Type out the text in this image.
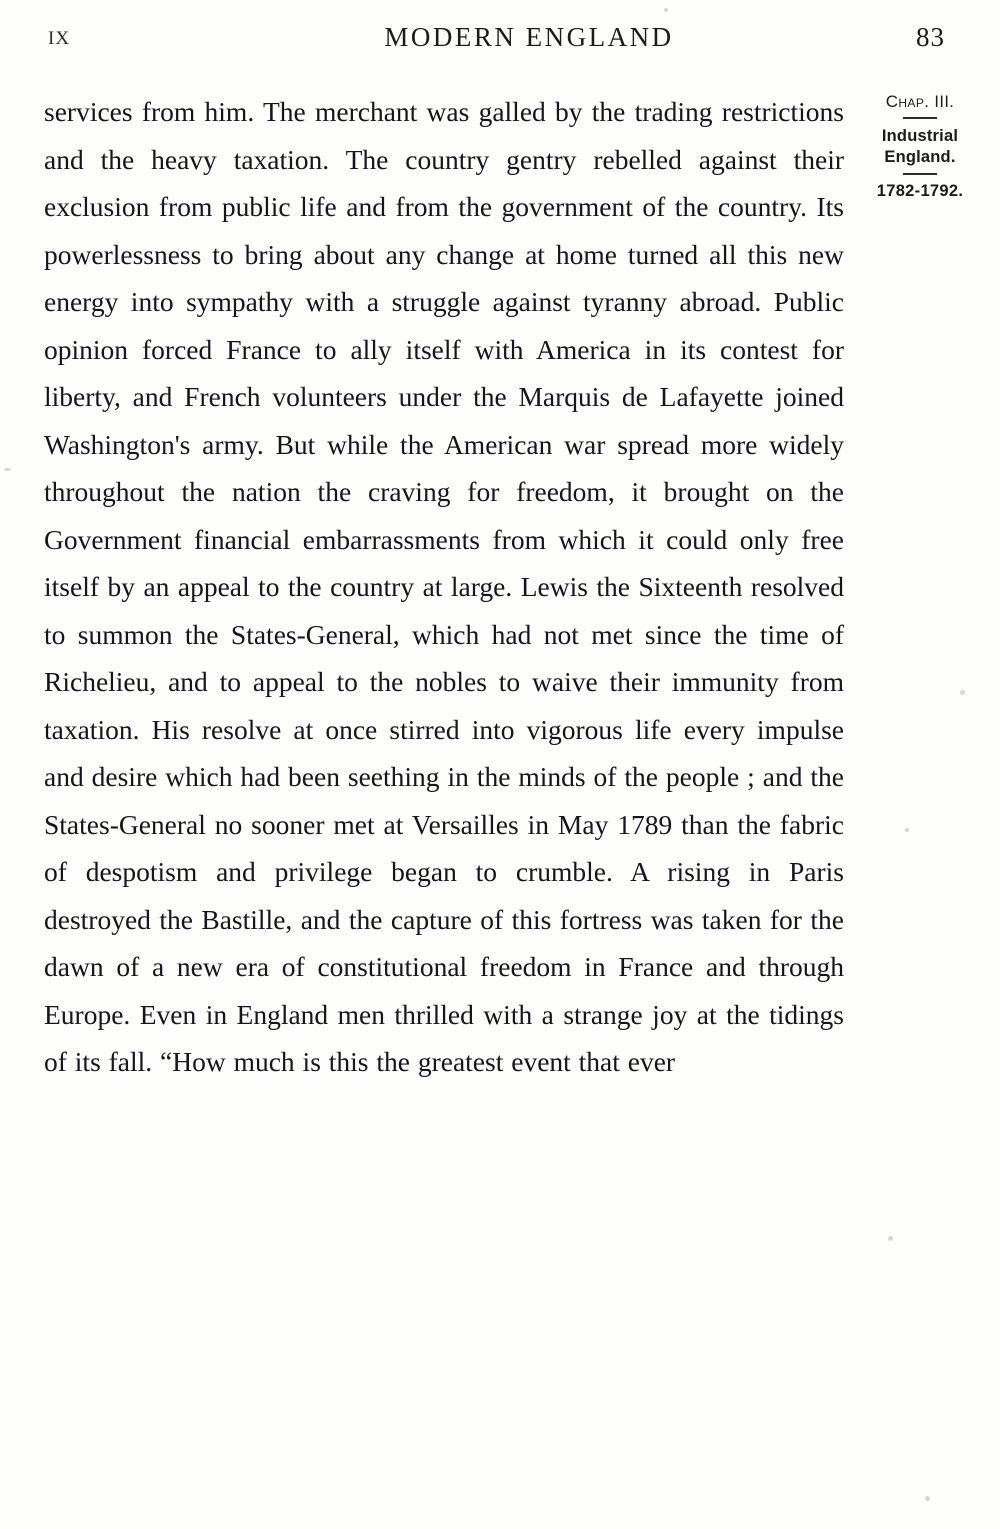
IX	MODERN ENGLAND	83

services from him. The merchant was galled by the trading restrictions and the heavy taxation. The country gentry rebelled against their exclusion from public life and from the government of the country. Its powerlessness to bring about any change at home turned all this new energy into sympathy with a struggle against tyranny abroad. Public opinion forced France to ally itself with America in its contest for liberty, and French volunteers under the Marquis de Lafayette joined Washington's army. But while the American war spread more widely throughout the nation the craving for freedom, it brought on the Government financial embarrassments from which it could only free itself by an appeal to the country at large. Lewis the Sixteenth resolved to summon the States-General, which had not met since the time of Richelieu, and to appeal to the nobles to waive their immunity from taxation. His resolve at once stirred into vigorous life every impulse and desire which had been seething in the minds of the people ; and the States-General no sooner met at Versailles in May 1789 than the fabric of despotism and privilege began to crumble. A rising in Paris destroyed the Bastille, and the capture of this fortress was taken for the dawn of a new era of constitutional freedom in France and through Europe. Even in England men thrilled with a strange joy at the tidings of its fall. “How much is this the greatest event that ever

Chap. III.
Industrial
England.
1782-1792.
